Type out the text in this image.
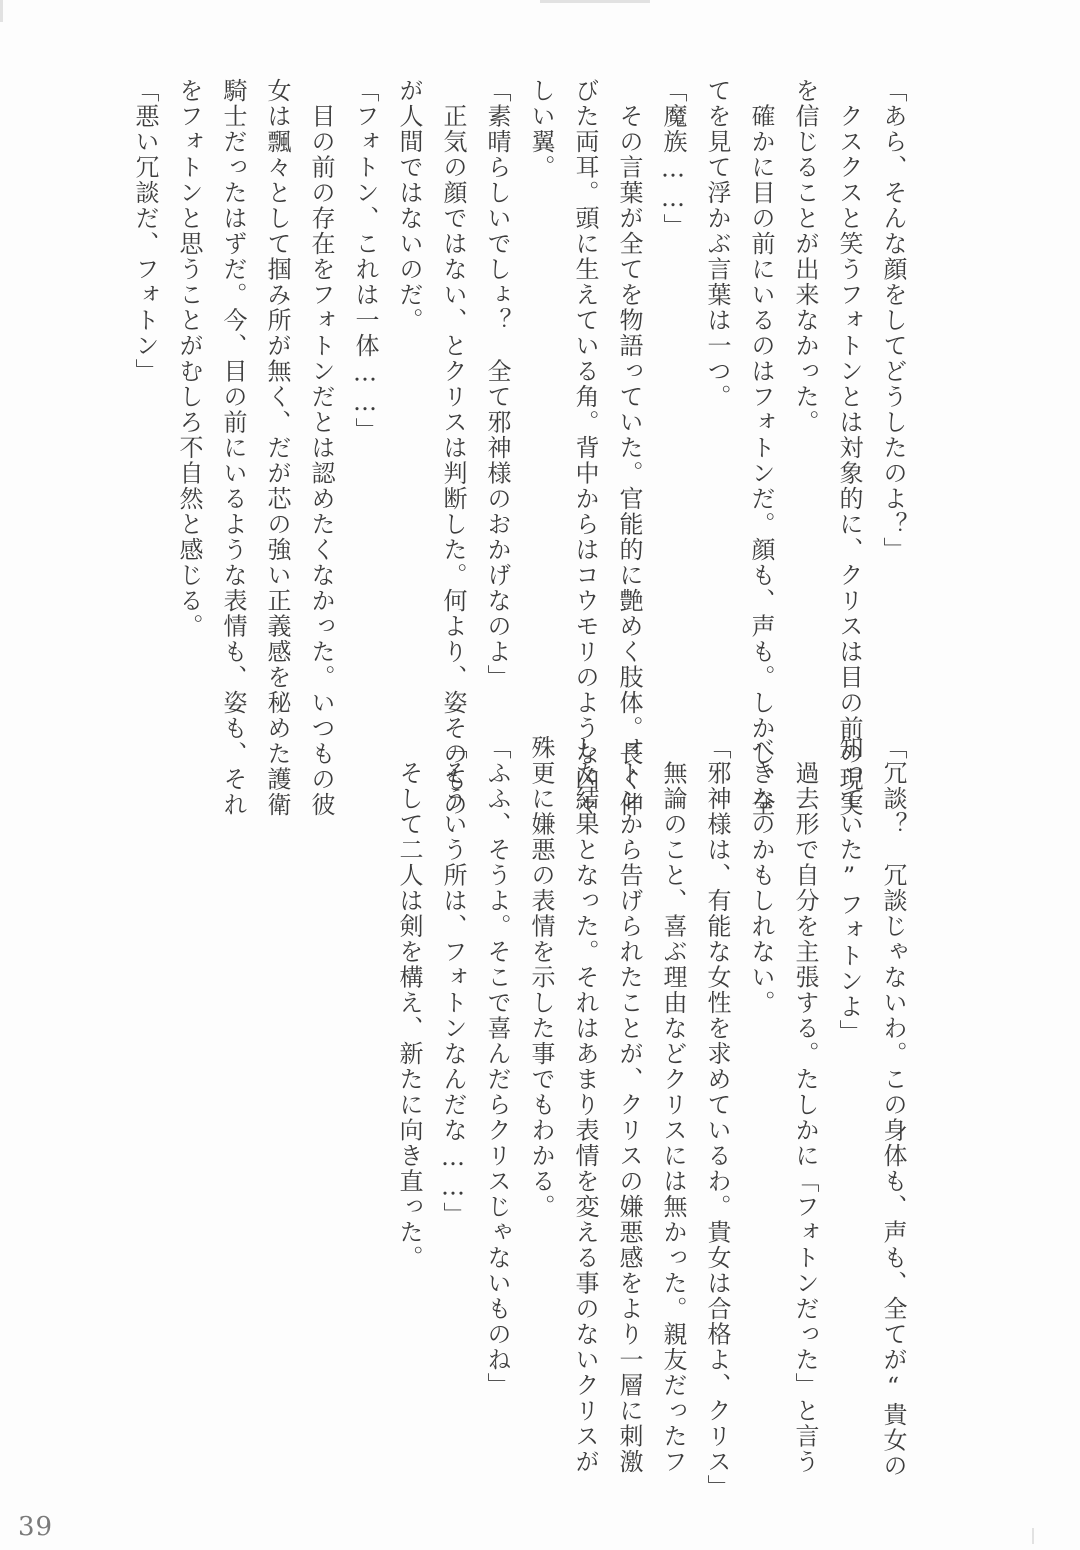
「あら、そんな顔をしてどうしたのよ？」
　クスクスと笑うフォトンとは対象的に、クリスは目の前の現実
を信じることが出来なかった。
　確かに目の前にいるのはフォトンだ。顔も、声も。しかし、全
てを見て浮かぶ言葉は一つ。
「魔族……」
　その言葉が全てを物語っていた。官能的に艶めく肢体。長く伸
びた両耳。頭に生えている角。背中からはコウモリのような凶々
しい翼。
「素晴らしいでしょ？　全て邪神様のおかげなのよ」
　正気の顔ではない、とクリスは判断した。何より、姿そのもの
が人間ではないのだ。
「フォトン、これは一体……」
　目の前の存在をフォトンだとは認めたくなかった。いつもの彼
女は飄々として掴み所が無く、だが芯の強い正義感を秘めた護衛
騎士だったはずだ。今、目の前にいるような表情も、姿も、それ
をフォトンと思うことがむしろ不自然と感じる。
「悪い冗談だ、フォトン」
「冗談？　冗談じゃないわ。この身体も、声も、全てが“貴女の
知っていた”フォトンよ」
　過去形で自分を主張する。たしかに「フォトンだった」と言う
べきなのかもしれない。
「邪神様は、有能な女性を求めているわ。貴女は合格よ、クリス」
　無論のこと、喜ぶ理由などクリスには無かった。親友だったフ
ォトンから告げられたことが、クリスの嫌悪感をより一層に刺激
した結果となった。それはあまり表情を変える事のないクリスが
殊更に嫌悪の表情を示した事でもわかる。
「ふふ、そうよ。そこで喜んだらクリスじゃないものね」
「そういう所は、フォトンなんだな……」
　そして二人は剣を構え、新たに向き直った。
39
